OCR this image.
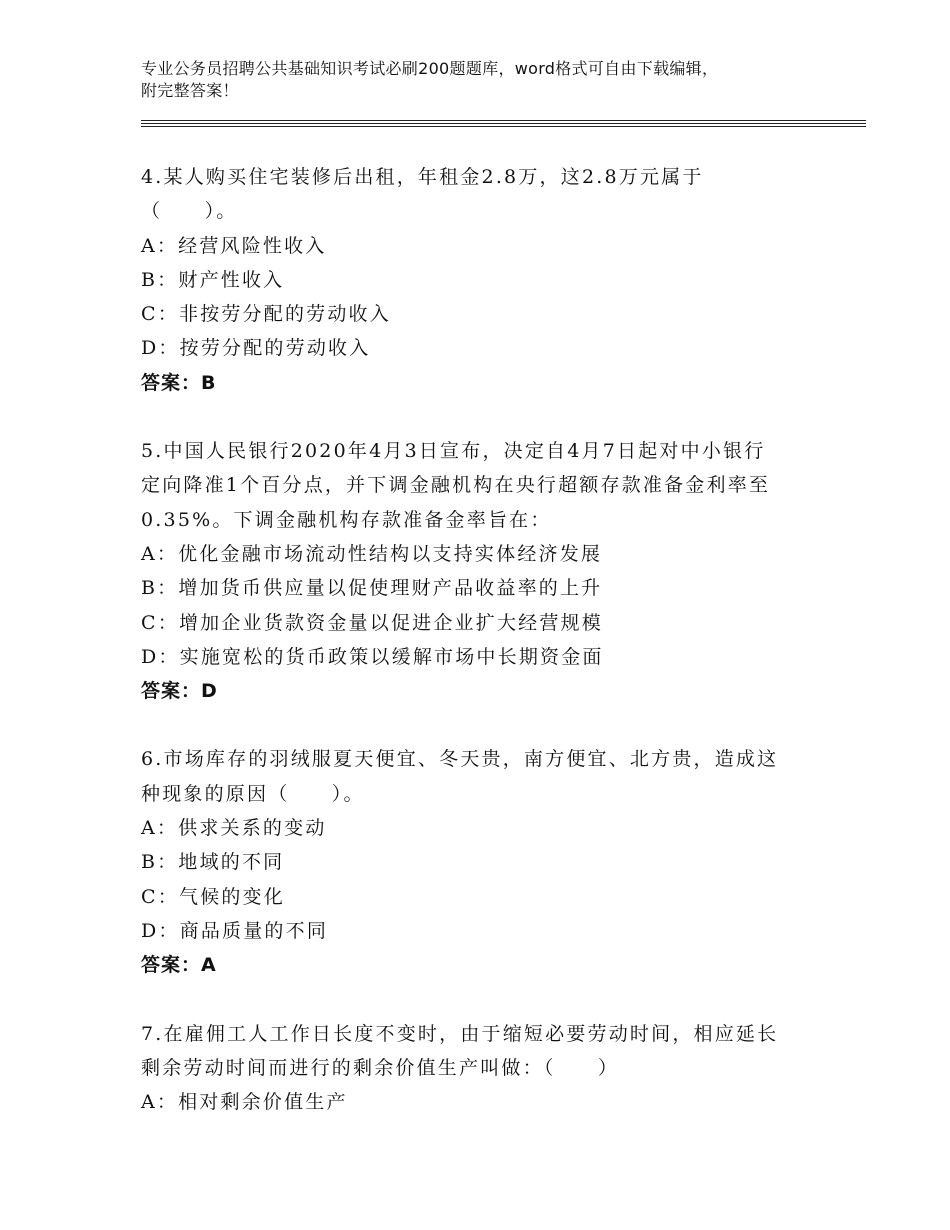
专业公务员招聘公共基础知识考试必刷200题题库，word格式可自由下载编辑，
附完整答案！
4.某人购买住宅装修后出租，年租金2.8万，这2.8万元属于
（　　）。
A：经营风险性收入
B：财产性收入
C：非按劳分配的劳动收入
D：按劳分配的劳动收入
答案：B
5.中国人民银行2020年4月3日宣布，决定自4月7日起对中小银行
定向降准1个百分点，并下调金融机构在央行超额存款准备金利率至
0.35%。下调金融机构存款准备金率旨在：
A：优化金融市场流动性结构以支持实体经济发展
B：增加货币供应量以促使理财产品收益率的上升
C：增加企业货款资金量以促进企业扩大经营规模
D：实施宽松的货币政策以缓解市场中长期资金面
答案：D
6.市场库存的羽绒服夏天便宜、冬天贵，南方便宜、北方贵，造成这
种现象的原因（　　）。
A：供求关系的变动
B：地域的不同
C：气候的变化
D：商品质量的不同
答案：A
7.在雇佣工人工作日长度不变时，由于缩短必要劳动时间，相应延长
剩余劳动时间而进行的剩余价值生产叫做：（　　）
A：相对剩余价值生产
